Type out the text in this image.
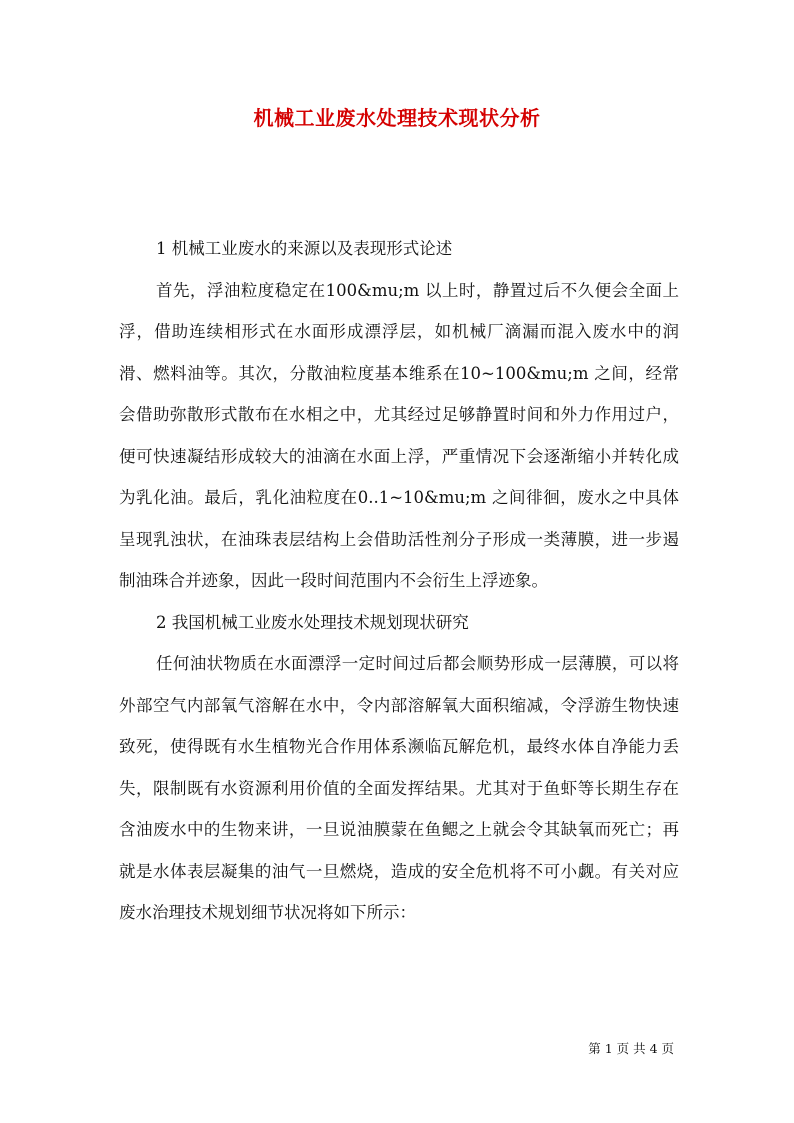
机械工业废水处理技术现状分析

1 机械工业废水的来源以及表现形式论述

首先，浮油粒度稳定在100&mu;m 以上时，静置过后不久便会全面上浮，借助连续相形式在水面形成漂浮层，如机械厂滴漏而混入废水中的润滑、燃料油等。其次，分散油粒度基本维系在10~100&mu;m 之间，经常会借助弥散形式散布在水相之中，尤其经过足够静置时间和外力作用过户，便可快速凝结形成较大的油滴在水面上浮，严重情况下会逐渐缩小并转化成为乳化油。最后，乳化油粒度在0..1~10&mu;m 之间徘徊，废水之中具体呈现乳浊状，在油珠表层结构上会借助活性剂分子形成一类薄膜，进一步遏制油珠合并迹象，因此一段时间范围内不会衍生上浮迹象。

2 我国机械工业废水处理技术规划现状研究

任何油状物质在水面漂浮一定时间过后都会顺势形成一层薄膜，可以将外部空气内部氧气溶解在水中，令内部溶解氧大面积缩减，令浮游生物快速致死，使得既有水生植物光合作用体系濒临瓦解危机，最终水体自净能力丢失，限制既有水资源利用价值的全面发挥结果。尤其对于鱼虾等长期生存在含油废水中的生物来讲，一旦说油膜蒙在鱼鳃之上就会令其缺氧而死亡；再就是水体表层凝集的油气一旦燃烧，造成的安全危机将不可小觑。有关对应废水治理技术规划细节状况将如下所示：

第 1 页 共 4 页
